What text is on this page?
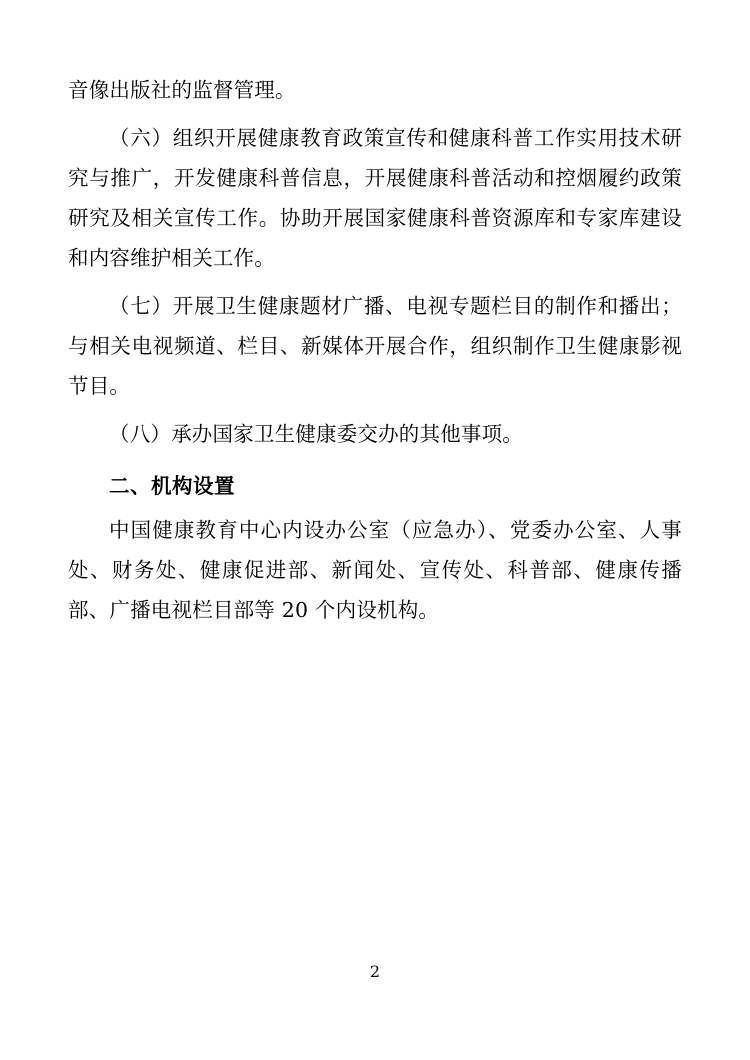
音像出版社的监督管理。

（六）组织开展健康教育政策宣传和健康科普工作实用技术研究与推广，开发健康科普信息，开展健康科普活动和控烟履约政策研究及相关宣传工作。协助开展国家健康科普资源库和专家库建设和内容维护相关工作。

（七）开展卫生健康题材广播、电视专题栏目的制作和播出；与相关电视频道、栏目、新媒体开展合作，组织制作卫生健康影视节目。

（八）承办国家卫生健康委交办的其他事项。

二、机构设置

中国健康教育中心内设办公室（应急办）、党委办公室、人事处、财务处、健康促进部、新闻处、宣传处、科普部、健康传播部、广播电视栏目部等 20 个内设机构。

2
